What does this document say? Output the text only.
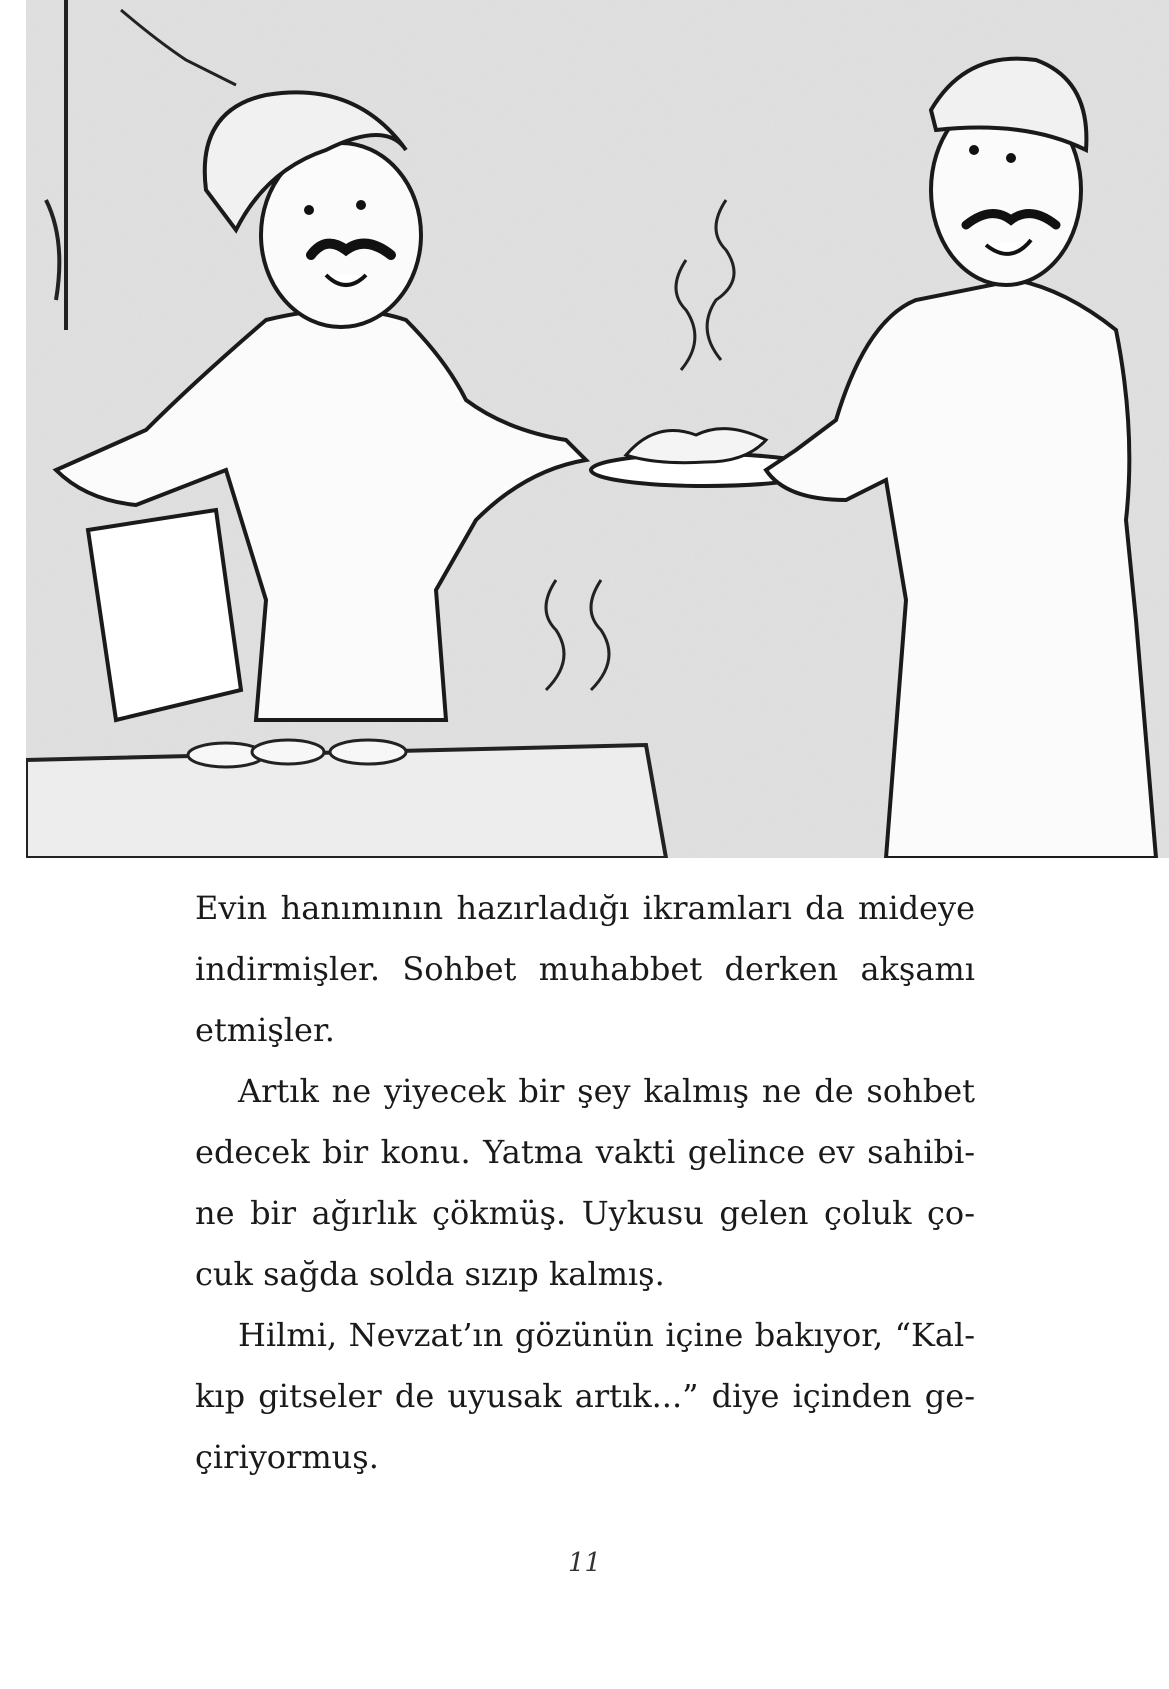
Evin hanımının hazırladığı ikramları da mideye indirmişler. Sohbet muhabbet derken akşamı etmişler.

Artık ne yiyecek bir şey kalmış ne de sohbet edecek bir konu. Yatma vakti gelince ev sahibine bir ağırlık çökmüş. Uykusu gelen çoluk çocuk sağda solda sızıp kalmış.

Hilmi, Nevzat’ın gözünün içine bakıyor, “Kalkıp gitseler de uyusak artık...” diye içinden geçiriyormuş.

11
